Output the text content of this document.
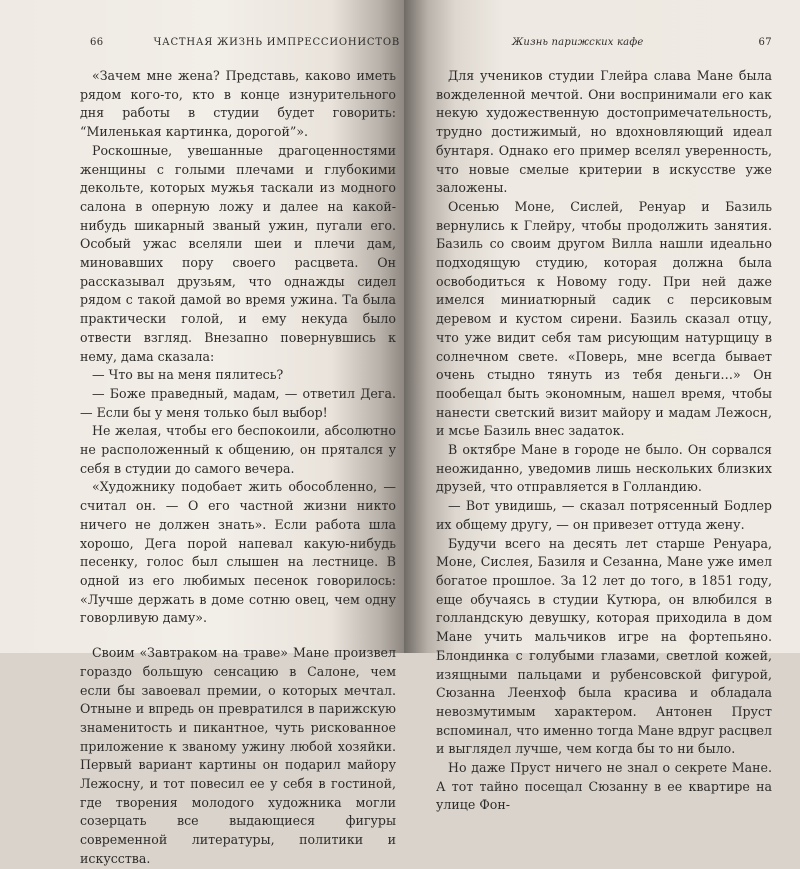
66	ЧАСТНАЯ ЖИЗНЬ ИМПРЕССИОНИСТОВ

«Зачем мне жена? Представь, каково иметь рядом кого-то, кто в конце изнурительного дня работы в студии будет говорить: “Миленькая картинка, дорогой”».

Роскошные, увешанные драгоценностями женщины с голыми плечами и глубокими декольте, которых мужья таскали из модного салона в оперную ложу и далее на какой-нибудь шикарный званый ужин, пугали его. Особый ужас вселяли шеи и плечи дам, миновавших пору своего расцвета. Он рассказывал друзьям, что однажды сидел рядом с такой дамой во время ужина. Та была практически голой, и ему некуда было отвести взгляд. Внезапно повернувшись к нему, дама сказала:

— Что вы на меня пялитесь?

— Боже праведный, мадам, — ответил Дега. — Если бы у меня только был выбор!

Не желая, чтобы его беспокоили, абсолютно не расположенный к общению, он прятался у себя в студии до самого вечера.

«Художнику подобает жить обособленно, — считал он. — О его частной жизни никто ничего не должен знать». Если работа шла хорошо, Дега порой напевал какую-нибудь песенку, голос был слышен на лестнице. В одной из его любимых песенок говорилось: «Лучше держать в доме сотню овец, чем одну говорливую даму».

Своим «Завтраком на траве» Мане произвел гораздо большую сенсацию в Салоне, чем если бы завоевал премии, о которых мечтал. Отныне и впредь он превратился в парижскую знаменитость и пикантное, чуть рискованное приложение к званому ужину любой хозяйки. Первый вариант картины он подарил майору Лежосну, и тот повесил ее у себя в гостиной, где творения молодого художника могли созерцать все выдающиеся фигуры современной литературы, политики и искусства.

Жизнь парижских кафе	67

Для учеников студии Глейра слава Мане была вожделенной мечтой. Они воспринимали его как некую художественную достопримечательность, трудно достижимый, но вдохновляющий идеал бунтаря. Однако его пример вселял уверенность, что новые смелые критерии в искусстве уже заложены.

Осенью Моне, Сислей, Ренуар и Базиль вернулись к Глейру, чтобы продолжить занятия. Базиль со своим другом Вилла нашли идеально подходящую студию, которая должна была освободиться к Новому году. При ней даже имелся миниатюрный садик с персиковым деревом и кустом сирени. Базиль сказал отцу, что уже видит себя там рисующим натурщицу в солнечном свете. «Поверь, мне всегда бывает очень стыдно тянуть из тебя деньги…» Он пообещал быть экономным, нашел время, чтобы нанести светский визит майору и мадам Лежосн, и мсье Базиль внес задаток.

В октябре Мане в городе не было. Он сорвался неожиданно, уведомив лишь нескольких близких друзей, что отправляется в Голландию.

— Вот увидишь, — сказал потрясенный Бодлер их общему другу, — он привезет оттуда жену.

Будучи всего на десять лет старше Ренуара, Моне, Сислея, Базиля и Сезанна, Мане уже имел богатое прошлое. За 12 лет до того, в 1851 году, еще обучаясь в студии Кутюра, он влюбился в голландскую девушку, которая приходила в дом Мане учить мальчиков игре на фортепьяно. Блондинка с голубыми глазами, светлой кожей, изящными пальцами и рубенсовской фигурой, Сюзанна Леенхоф была красива и обладала невозмутимым характером. Антонен Пруст вспоминал, что именно тогда Мане вдруг расцвел и выглядел лучше, чем когда бы то ни было.

Но даже Пруст ничего не знал о секрете Мане. А тот тайно посещал Сюзанну в ее квартире на улице Фон-
